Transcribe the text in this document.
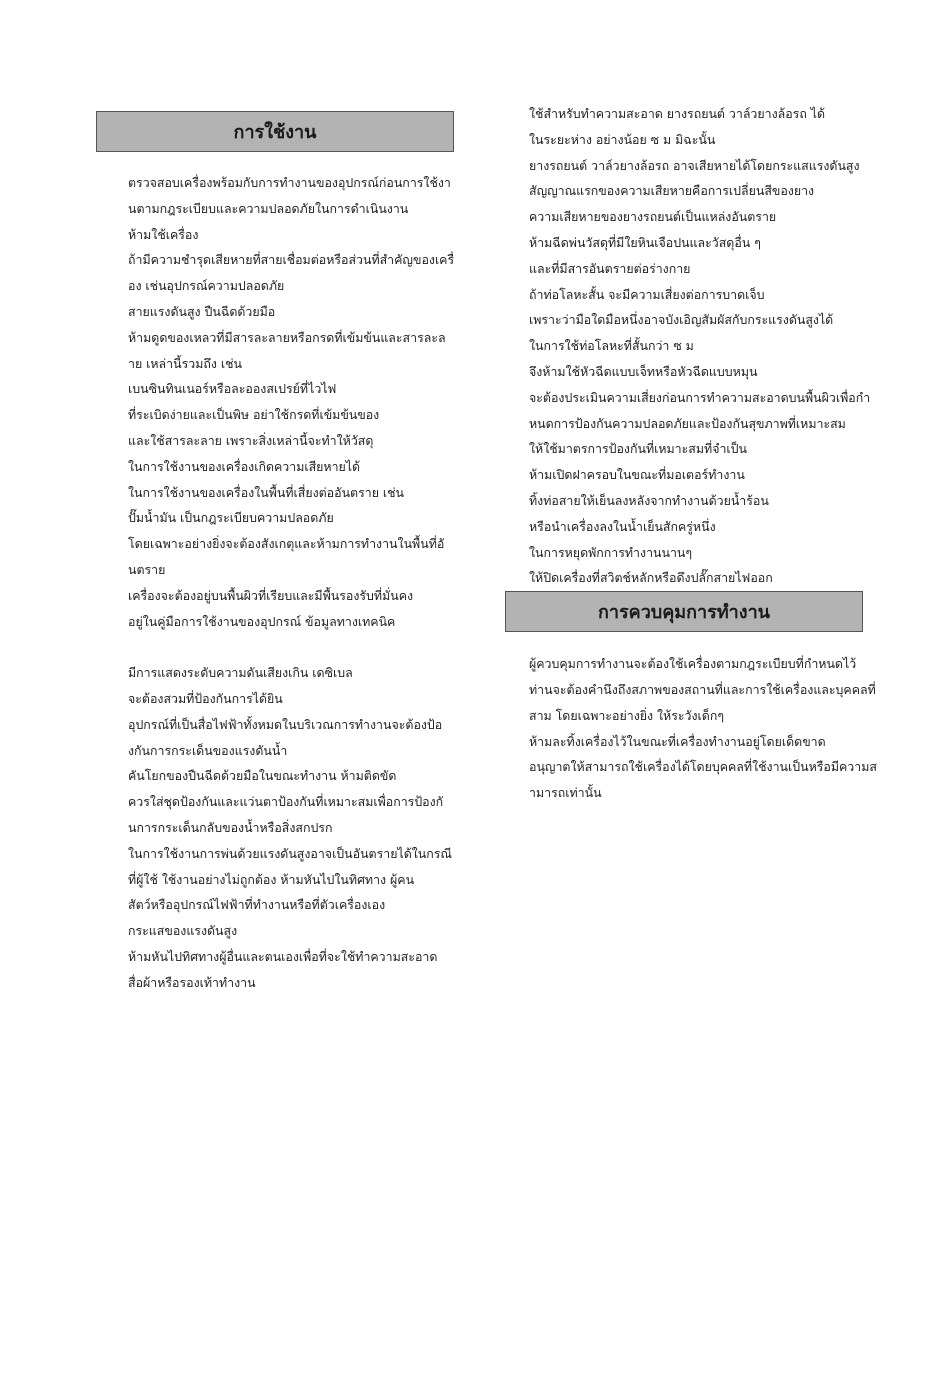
การใช้งาน
ตรวจสอบเครื่องพร้อมกับการทำงานของอุปกรณ์ก่อนการใช้งา
นตามกฎระเบียบและความปลอดภัยในการดำเนินงาน
ห้ามใช้เครื่อง
ถ้ามีความชำรุดเสียหายที่สายเชื่อมต่อหรือส่วนที่สำคัญของเครื่
อง เช่นอุปกรณ์ความปลอดภัย
สายแรงดันสูง ปืนฉีดด้วยมือ
ห้ามดูดของเหลวที่มีสารละลายหรือกรดที่เข้มข้นและสารละล
าย เหล่านี้รวมถึง เช่น
เบนซินทินเนอร์หรือละอองสเปรย์ที่ไวไฟ
ที่ระเบิดง่ายและเป็นพิษ อย่าใช้กรดที่เข้มข้นของ
และใช้สารละลาย เพราะสิ่งเหล่านี้จะทำให้วัสดุ
ในการใช้งานของเครื่องเกิดความเสียหายได้
ในการใช้งานของเครื่องในพื้นที่เสี่ยงต่ออันตราย เช่น
ปั๊มน้ำมัน เป็นกฎระเบียบความปลอดภัย
โดยเฉพาะอย่างยิ่งจะต้องสังเกตุและห้ามการทำงานในพื้นที่อั
นตราย
เครื่องจะต้องอยู่บนพื้นผิวที่เรียบและมีพื้นรองรับที่มั่นคง
อยู่ในคู่มือการใช้งานของอุปกรณ์ ข้อมูลทางเทคนิค
มีการแสดงระดับความดันเสียงเกิน เดซิเบล
จะต้องสวมที่ป้องกันการได้ยิน
อุปกรณ์ที่เป็นสื่อไฟฟ้าทั้งหมดในบริเวณการทำงานจะต้องป้อ
งกันการกระเด็นของแรงดันน้ำ
คันโยกของปืนฉีดด้วยมือในขณะทำงาน ห้ามติดขัด
ควรใส่ชุดป้องกันและแว่นตาป้องกันที่เหมาะสมเพื่อการป้องกั
นการกระเด็นกลับของน้ำหรือสิ่งสกปรก
ในการใช้งานการพ่นด้วยแรงดันสูงอาจเป็นอันตรายได้ในกรณี
ที่ผู้ใช้ ใช้งานอย่างไม่ถูกต้อง ห้ามหันไปในทิศทาง ผู้คน
สัตว์หรืออุปกรณ์ไฟฟ้าที่ทำงานหรือที่ตัวเครื่องเอง
กระแสของแรงดันสูง
ห้ามหันไปทิศทางผู้อื่นและตนเองเพื่อที่จะใช้ทำความสะอาด
สื่อผ้าหรือรองเท้าทำงาน
ใช้สำหรับทำความสะอาด ยางรถยนต์ วาล์วยางล้อรถ ได้
ในระยะห่าง อย่างน้อย ซ ม มิฉะนั้น
ยางรถยนต์ วาล์วยางล้อรถ อาจเสียหายได้โดยกระแสแรงดันสูง
สัญญาณแรกของความเสียหายคือการเปลี่ยนสีของยาง
ความเสียหายของยางรถยนต์เป็นแหล่งอันตราย
ห้ามฉีดพ่นวัสดุที่มีใยหินเจือปนและวัสดุอื่น ๆ
และที่มีสารอันตรายต่อร่างกาย
ถ้าท่อโลหะสั้น จะมีความเสี่ยงต่อการบาดเจ็บ
เพราะว่ามือใดมือหนึ่งอาจบังเอิญสัมผัสกับกระแรงดันสูงได้
ในการใช้ท่อโลหะที่สั้นกว่า ซ ม
จึงห้ามใช้หัวฉีดแบบเจ็ทหรือหัวฉีดแบบหมุน
จะต้องประเมินความเสี่ยงก่อนการทำความสะอาดบนพื้นผิวเพื่อกำ
หนดการป้องกันความปลอดภัยและป้องกันสุขภาพที่เหมาะสม
ให้ใช้มาตรการป้องกันที่เหมาะสมที่จำเป็น
ห้ามเปิดฝาครอบในขณะที่มอเตอร์ทำงาน
ทิ้งท่อสายให้เย็นลงหลังจากทำงานด้วยน้ำร้อน
หรือนำเครื่องลงในน้ำเย็นสักครู่หนึ่ง
ในการหยุดพักการทำงานนานๆ
ให้ปิดเครื่องที่สวิตช์หลักหรือดึงปลั๊กสายไฟออก
การควบคุมการทำงาน
ผู้ควบคุมการทำงานจะต้องใช้เครื่องตามกฎระเบียบที่กำหนดไว้
ท่านจะต้องคำนึงถึงสภาพของสถานที่และการใช้เครื่องและบุคคลที่
สาม โดยเฉพาะอย่างยิ่ง ให้ระวังเด็กๆ
ห้ามละทิ้งเครื่องไว้ในขณะที่เครื่องทำงานอยู่โดยเด็ดขาด
อนุญาตให้สามารถใช้เครื่องได้โดยบุคคลที่ใช้งานเป็นหรือมีความส
ามารถเท่านั้น
